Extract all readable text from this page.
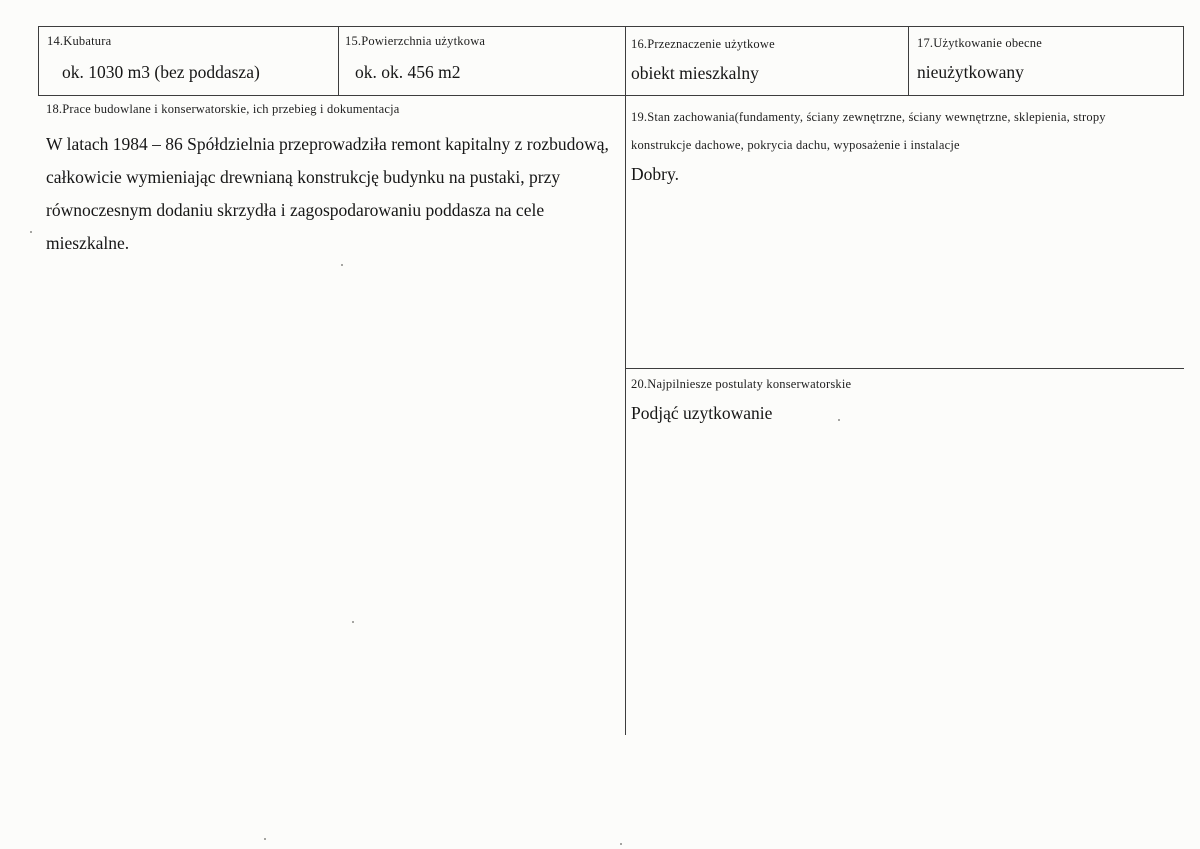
14.Kubatura
ok. 1030 m3 (bez poddasza)
15.Powierzchnia użytkowa
ok. ok. 456 m2
16.Przeznaczenie użytkowe
obiekt mieszkalny
17.Użytkowanie obecne
nieużytkowany
18.Prace budowlane i konserwatorskie, ich przebieg i dokumentacja
W latach 1984 – 86 Spółdzielnia przeprowadziła remont kapitalny z rozbudową, całkowicie wymieniając drewnianą konstrukcję budynku na pustaki, przy równoczesnym dodaniu skrzydła i zagospodarowaniu poddasza na cele mieszkalne.
19.Stan zachowania(fundamenty, ściany zewnętrzne, ściany wewnętrzne, sklepienia, stropy
konstrukcje dachowe, pokrycia dachu, wyposażenie i instalacje
Dobry.
20.Najpilniesze postulaty konserwatorskie
Podjąć uzytkowanie
